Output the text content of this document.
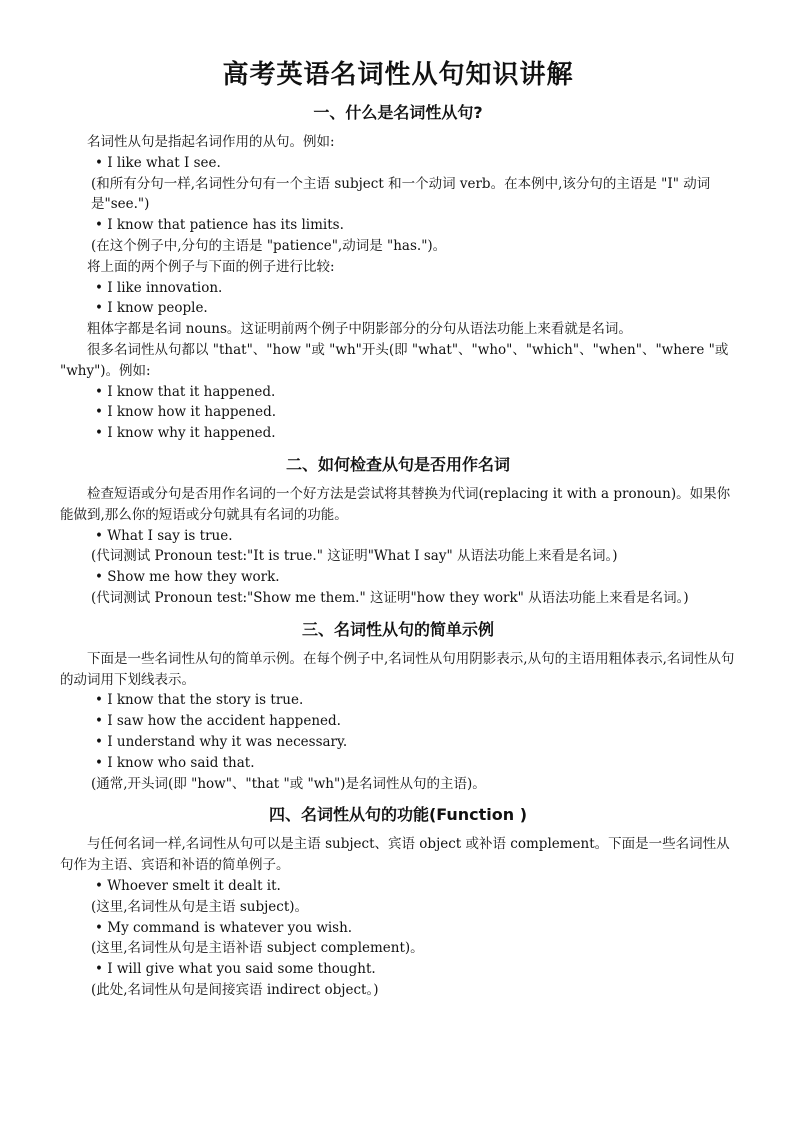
高考英语名词性从句知识讲解
一、什么是名词性从句?

名词性从句是指起名词作用的从句。例如:

• I like what I see.

(和所有分句一样,名词性分句有一个主语 subject 和一个动词 verb。在本例中,该分句的主语是 "I" 动词是"see.")

• I know that patience has its limits.

(在这个例子中,分句的主语是 "patience",动词是 "has.")。

将上面的两个例子与下面的例子进行比较:

• I like innovation.

• I know people.

粗体字都是名词 nouns。这证明前两个例子中阴影部分的分句从语法功能上来看就是名词。

很多名词性从句都以 "that"、"how "或 "wh"开头(即 "what"、"who"、"which"、"when"、"where "或 "why")。例如:

• I know that it happened.

• I know how it happened.

• I know why it happened.

二、如何检查从句是否用作名词

检查短语或分句是否用作名词的一个好方法是尝试将其替换为代词(replacing it with a pronoun)。如果你能做到,那么你的短语或分句就具有名词的功能。

• What I say is true.

(代词测试 Pronoun test:"It is true." 这证明"What I say" 从语法功能上来看是名词。)

• Show me how they work.

(代词测试 Pronoun test:"Show me them." 这证明"how they work" 从语法功能上来看是名词。)

三、名词性从句的简单示例

下面是一些名词性从句的简单示例。在每个例子中,名词性从句用阴影表示,从句的主语用粗体表示,名词性从句的动词用下划线表示。

• I know that the story is true.

• I saw how the accident happened.

• I understand why it was necessary.

• I know who said that.

(通常,开头词(即 "how"、"that "或 "wh")是名词性从句的主语)。

四、名词性从句的功能(Function )

与任何名词一样,名词性从句可以是主语 subject、宾语 object 或补语 complement。下面是一些名词性从句作为主语、宾语和补语的简单例子。

• Whoever smelt it dealt it.

(这里,名词性从句是主语 subject)。

• My command is whatever you wish.

(这里,名词性从句是主语补语 subject complement)。

• I will give what you said some thought.

(此处,名词性从句是间接宾语 indirect object。)
